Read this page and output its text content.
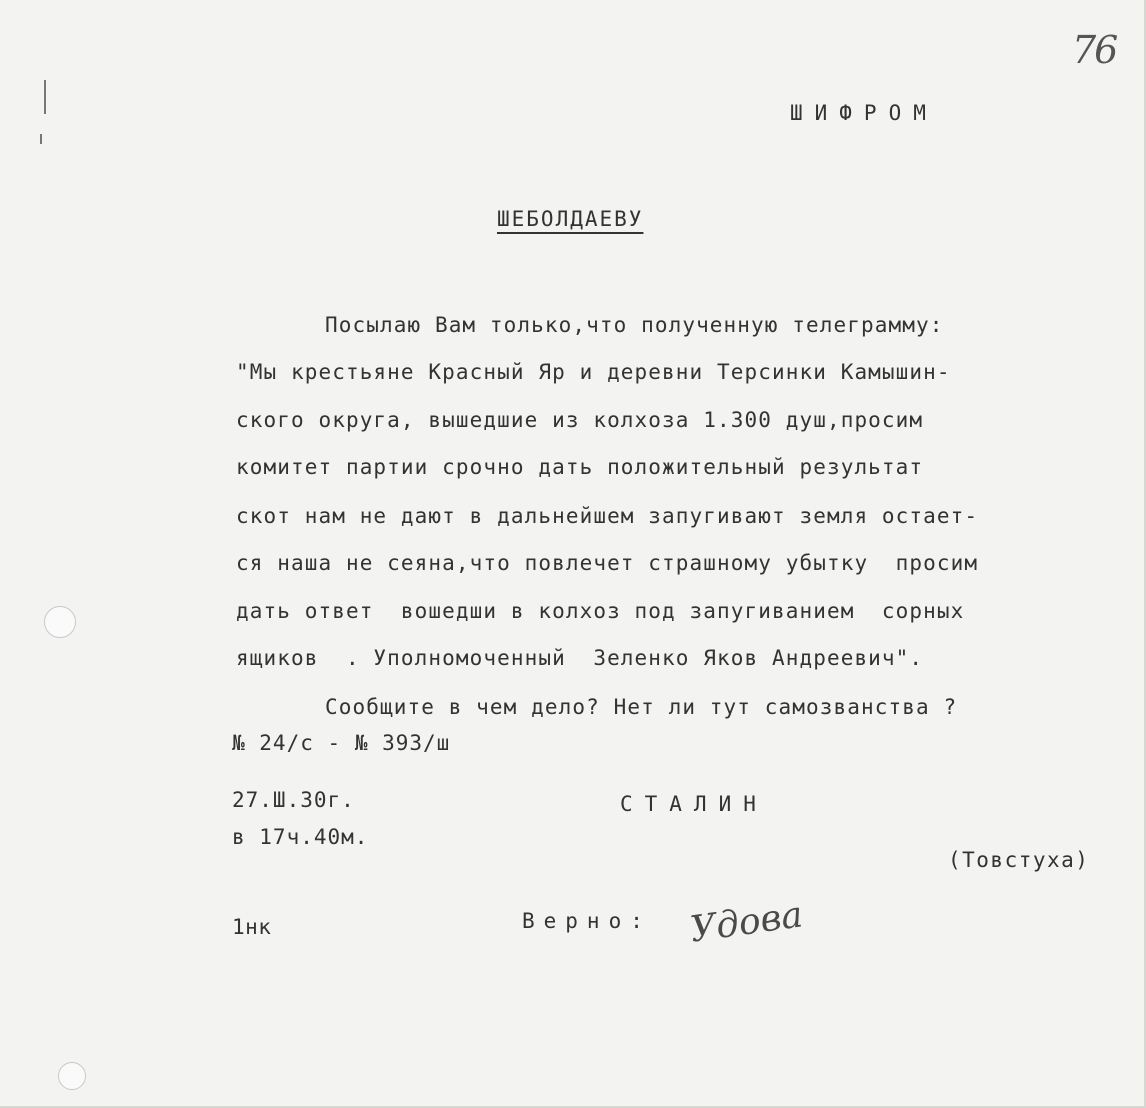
76
ШИФРОМ
ШЕБОЛДАЕВУ
Посылаю Вам только,что полученную телеграмму:
"Мы крестьяне Красный Яр и деревни Терсинки Камышин-
ского округа, вышедшие из колхоза 1.300 душ,просим
комитет партии срочно дать положительный результат
скот нам не дают в дальнейшем запугивают земля остает-
ся наша не сеяна,что повлечет страшному убытку  просим
дать ответ  вошедши в колхоз под запугиванием  сорных
ящиков  . Уполномоченный  Зеленко Яков Андреевич".
Сообщите в чем дело? Нет ли тут самозванства ?
№ 24/с - № 393/ш
27.Ш.30г.
в 17ч.40м.
СТАЛИН
(Товстуха)
1нк	Верно: Удова
